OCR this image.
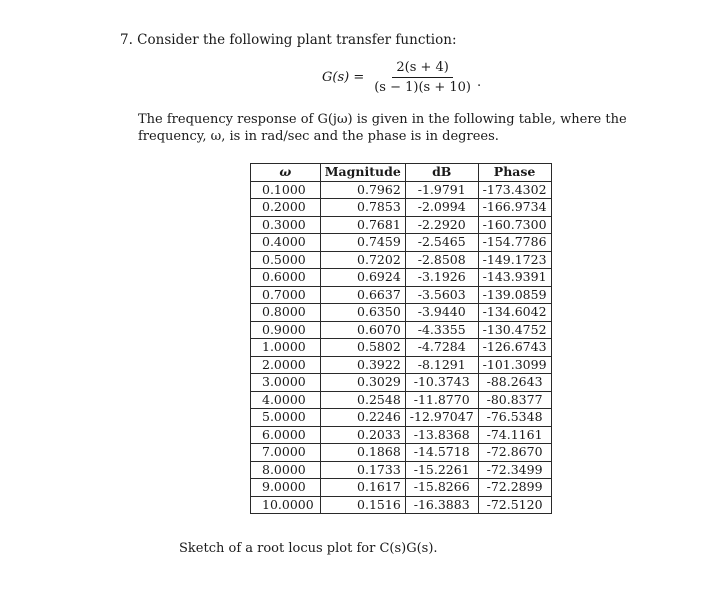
7. Consider the following plant transfer function:
$G(s) = \frac{2(s + 4)}{(s - 1)(s + 10)}$ .
The frequency response of G(jω) is given in the following table, where the frequency, ω, is in rad/sec and the phase is in degrees.
ω	Magnitude	dB	Phase
0.1000	0.7962	-1.9791	-173.4302
0.2000	0.7853	-2.0994	-166.9734
0.3000	0.7681	-2.2920	-160.7300
0.4000	0.7459	-2.5465	-154.7786
0.5000	0.7202	-2.8508	-149.1723
0.6000	0.6924	-3.1926	-143.9391
0.7000	0.6637	-3.5603	-139.0859
0.8000	0.6350	-3.9440	-134.6042
0.9000	0.6070	-4.3355	-130.4752
1.0000	0.5802	-4.7284	-126.6743
2.0000	0.3922	-8.1291	-101.3099
3.0000	0.3029	-10.3743	-88.2643
4.0000	0.2548	-11.8770	-80.8377
5.0000	0.2246	-12.97047	-76.5348
6.0000	0.2033	-13.8368	-74.1161
7.0000	0.1868	-14.5718	-72.8670
8.0000	0.1733	-15.2261	-72.3499
9.0000	0.1617	-15.8266	-72.2899
10.0000	0.1516	-16.3883	-72.5120
Sketch of a root locus plot for C(s)G(s).
